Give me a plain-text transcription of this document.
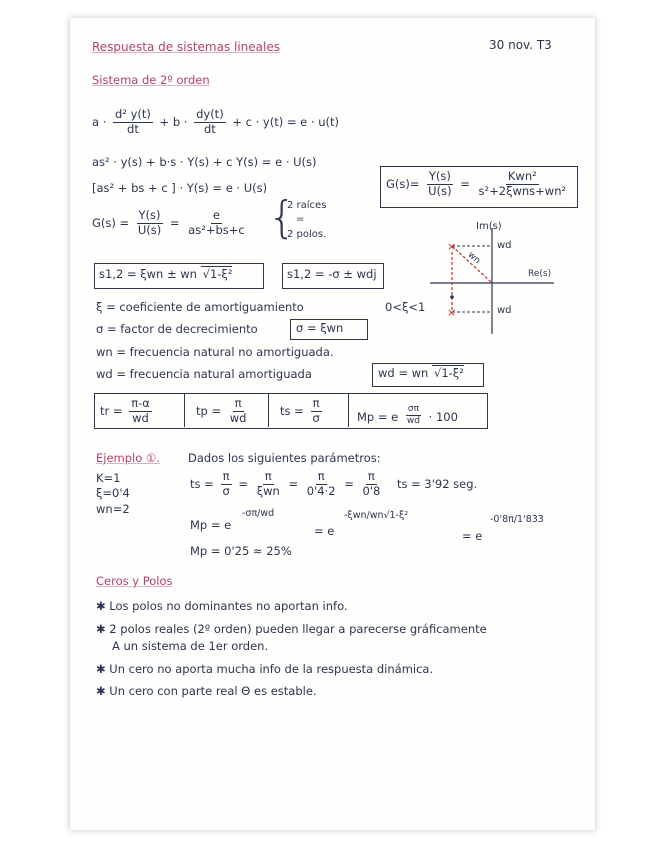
Respuesta de sistemas lineales	30 nov. T3
Sistema de 2º orden
$a \cdot \frac{\text{d² y(t)}}{dt} + b \cdot \frac{dy(t)}{dt} + c \cdot y(t) = e \cdot u(t)$
as² · y(s) + b·s · Y(s) + c Y(s) = e · U(s)
[as² + bs + c ] · Y(s) = e · U(s)	$G(s)= \frac{Y(s)}{U(s)} = \frac{\text{Kwn²}}{\text{s²+2ξwns+wn²}}$
$G(s) = \frac{Y(s)}{U(s)} = \frac{e}{\text{as²+bs+c}}$ {
2 raíces
=
2 polos.
×
×
Im(s)
Re(s)
wd
wd
wn
s1,2 = ξwn ± wn √1-ξ²	s1,2 = -σ ± wdj
ξ = coeficiente de amortiguamiento	0<ξ<1
σ = factor de decrecimiento	σ = ξwn
wn = frecuencia natural no amortiguada.
wd = frecuencia natural amortiguada	wd = wn √1-ξ²
tr = $\frac{\pi-\alpha}{wd}$	tp = $\frac{\pi}{wd}$	ts = $\frac{\pi}{\sigma}$	Mp = e $\frac{\sigma\pi}{wd} \cdot 100$
Ejemplo ①. Dados los siguientes parámetros:
K=1
ξ=0'4
wn=2
ts = $\frac{\pi}{\sigma} = \frac{\pi}{\text{ξwn}} = \frac{\pi}{0'4\cdot 2} = \frac{\pi}{0'8}$ ts = 3'92 seg.
-σπ/wd
Mp = e	= e
-ξwn/wn√1-ξ²
= e
-0'8π/1'833
Mp = 0'25 ≈ 25%
Ceros y Polos
✱ Los polos no dominantes no aportan info.
✱ 2 polos reales (2º orden) pueden llegar a parecerse gráficamente
A un sistema de 1er orden.
✱ Un cero no aporta mucha info de la respuesta dinámica.
✱ Un cero con parte real Θ es estable.
